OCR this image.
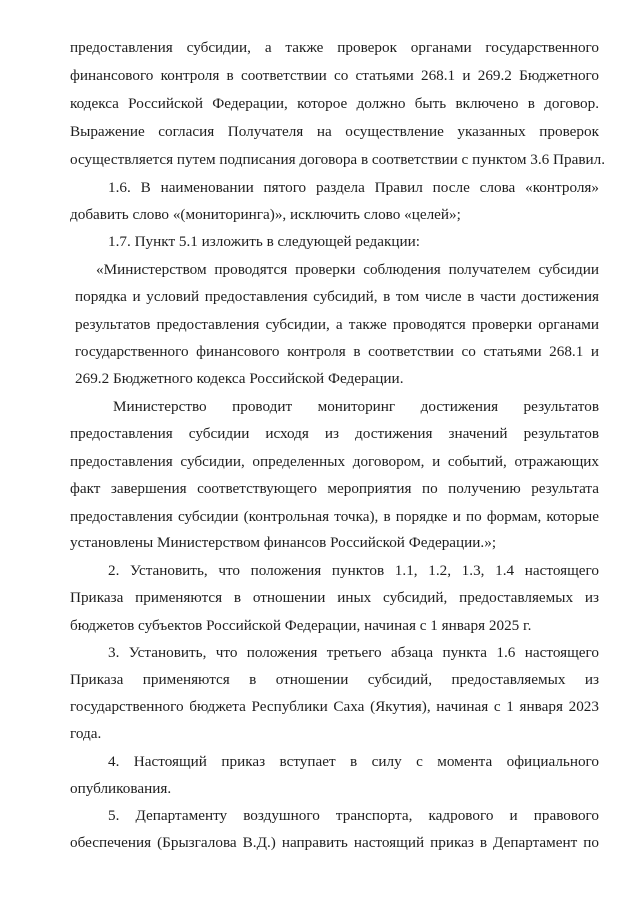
предоставления субсидии, а также проверок органами государственного
финансового контроля в соответствии со статьями 268.1 и 269.2 Бюджетного
кодекса Российской Федерации, которое должно быть включено в договор.
Выражение согласия Получателя на осуществление указанных проверок
осуществляется путем подписания договора в соответствии с пунктом 3.6 Правил.
1.6. В наименовании пятого раздела Правил после слова «контроля»
добавить слово «(мониторинга)», исключить слово «целей»;
1.7. Пункт 5.1 изложить в следующей редакции:
«Министерством проводятся проверки соблюдения получателем субсидии
порядка и условий предоставления субсидий, в том числе в части достижения
результатов предоставления субсидии, а также проводятся проверки органами
государственного финансового контроля в соответствии со статьями 268.1 и
269.2 Бюджетного кодекса Российской Федерации.
Министерство проводит мониторинг достижения результатов
предоставления субсидии исходя из достижения значений результатов
предоставления субсидии, определенных договором, и событий, отражающих
факт завершения соответствующего мероприятия по получению результата
предоставления субсидии (контрольная точка), в порядке и по формам, которые
установлены Министерством финансов Российской Федерации.»;
2. Установить, что положения пунктов 1.1, 1.2, 1.3, 1.4 настоящего
Приказа применяются в отношении иных субсидий, предоставляемых из
бюджетов субъектов Российской Федерации, начиная с 1 января 2025 г.
3. Установить, что положения третьего абзаца пункта 1.6 настоящего
Приказа применяются в отношении субсидий, предоставляемых из
государственного бюджета Республики Саха (Якутия), начиная с 1 января 2023
года.
4. Настоящий приказ вступает в силу с момента официального
опубликования.
5. Департаменту воздушного транспорта, кадрового и правового
обеспечения (Брызгалова В.Д.) направить настоящий приказ в Департамент по
